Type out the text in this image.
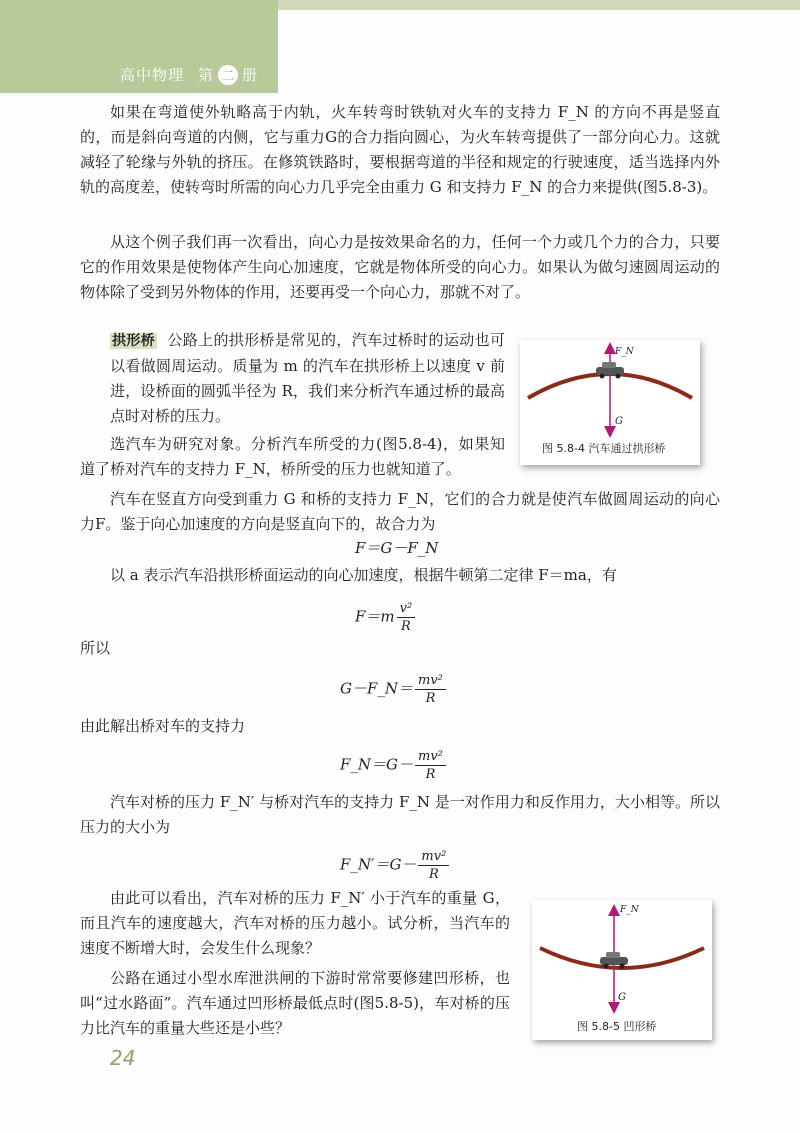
高中物理 第 二 册

如果在弯道使外轨略高于内轨，火车转弯时铁轨对火车的支持力 F_N 的方向不再是竖直的，而是斜向弯道的内侧，它与重力G的合力指向圆心，为火车转弯提供了一部分向心力。这就减轻了轮缘与外轨的挤压。在修筑铁路时，要根据弯道的半径和规定的行驶速度，适当选择内外轨的高度差，使转弯时所需的向心力几乎完全由重力 G 和支持力 F_N 的合力来提供(图5.8-3)。

从这个例子我们再一次看出，向心力是按效果命名的力，任何一个力或几个力的合力，只要它的作用效果是使物体产生向心加速度，它就是物体所受的向心力。如果认为做匀速圆周运动的物体除了受到另外物体的作用，还要再受一个向心力，那就不对了。

拱形桥 公路上的拱形桥是常见的，汽车过桥时的运动也可以看做圆周运动。质量为 m 的汽车在拱形桥上以速度 v 前进，设桥面的圆弧半径为 R，我们来分析汽车通过桥的最高点时对桥的压力。

选汽车为研究对象。分析汽车所受的力(图5.8-4)，如果知道了桥对汽车的支持力 F_N，桥所受的压力也就知道了。

F_N
G
图 5.8-4 汽车通过拱形桥

汽车在竖直方向受到重力 G 和桥的支持力 F_N，它们的合力就是使汽车做圆周运动的向心力F。鉴于向心加速度的方向是竖直向下的，故合力为

F＝G－F_N

以 a 表示汽车沿拱形桥面运动的向心加速度，根据牛顿第二定律 F＝ma，有

$F=m \frac{\text{v²}}{R}$

所以

G－F_N＝ $\frac{\text{mv²}}{R}$

由此解出桥对车的支持力

F_N＝G－ $\frac{\text{mv²}}{R}$

汽车对桥的压力 F_N′ 与桥对汽车的支持力 F_N 是一对作用力和反作用力，大小相等。所以压力的大小为

F_N′＝G－ $\frac{\text{mv²}}{R}$

由此可以看出，汽车对桥的压力 F_N′ 小于汽车的重量 G，而且汽车的速度越大，汽车对桥的压力越小。试分析，当汽车的速度不断增大时，会发生什么现象？

公路在通过小型水库泄洪闸的下游时常常要修建凹形桥，也叫“过水路面”。汽车通过凹形桥最低点时(图5.8-5)，车对桥的压力比汽车的重量大些还是小些？

F_N
G
图 5.8-5 凹形桥
24
